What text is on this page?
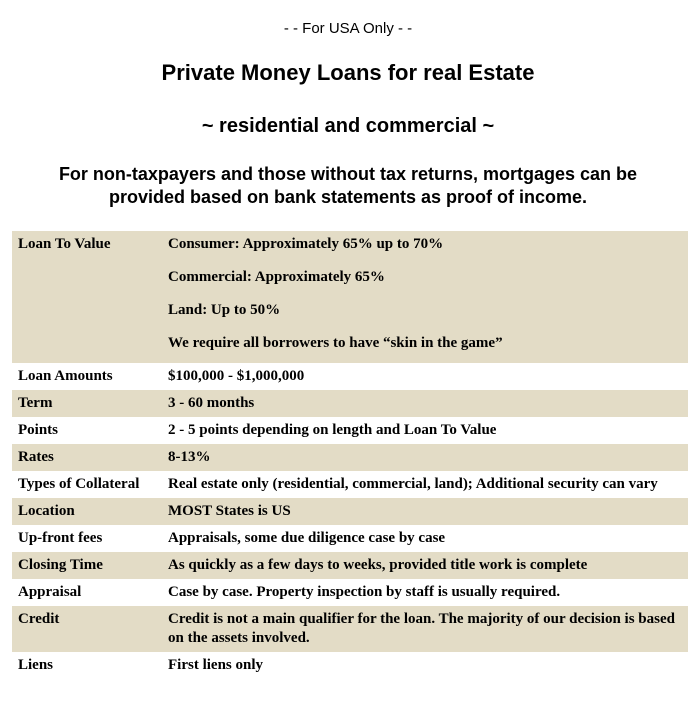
- - For USA Only - -
Private Money Loans for real Estate
~ residential and commercial ~
For non-taxpayers and those without tax returns, mortgages can be provided based on bank statements as proof of income.
Loan To Value	Consumer: Approximately 65% up to 70%
Commercial: Approximately 65%
Land: Up to 50%
We require all borrowers to have “skin in the game”

Loan Amounts	$100,000 - $1,000,000
Term	3 - 60 months
Points	2 - 5 points depending on length and Loan To Value
Rates	8-13%
Types of Collateral	Real estate only (residential, commercial, land); Additional security can vary
Location	MOST States is US
Up-front fees	Appraisals, some due diligence case by case
Closing Time	As quickly as a few days to weeks, provided title work is complete
Appraisal	Case by case. Property inspection by staff is usually required.
Credit	Credit is not a main qualifier for the loan. The majority of our decision is based on the assets involved.
Liens	First liens only
